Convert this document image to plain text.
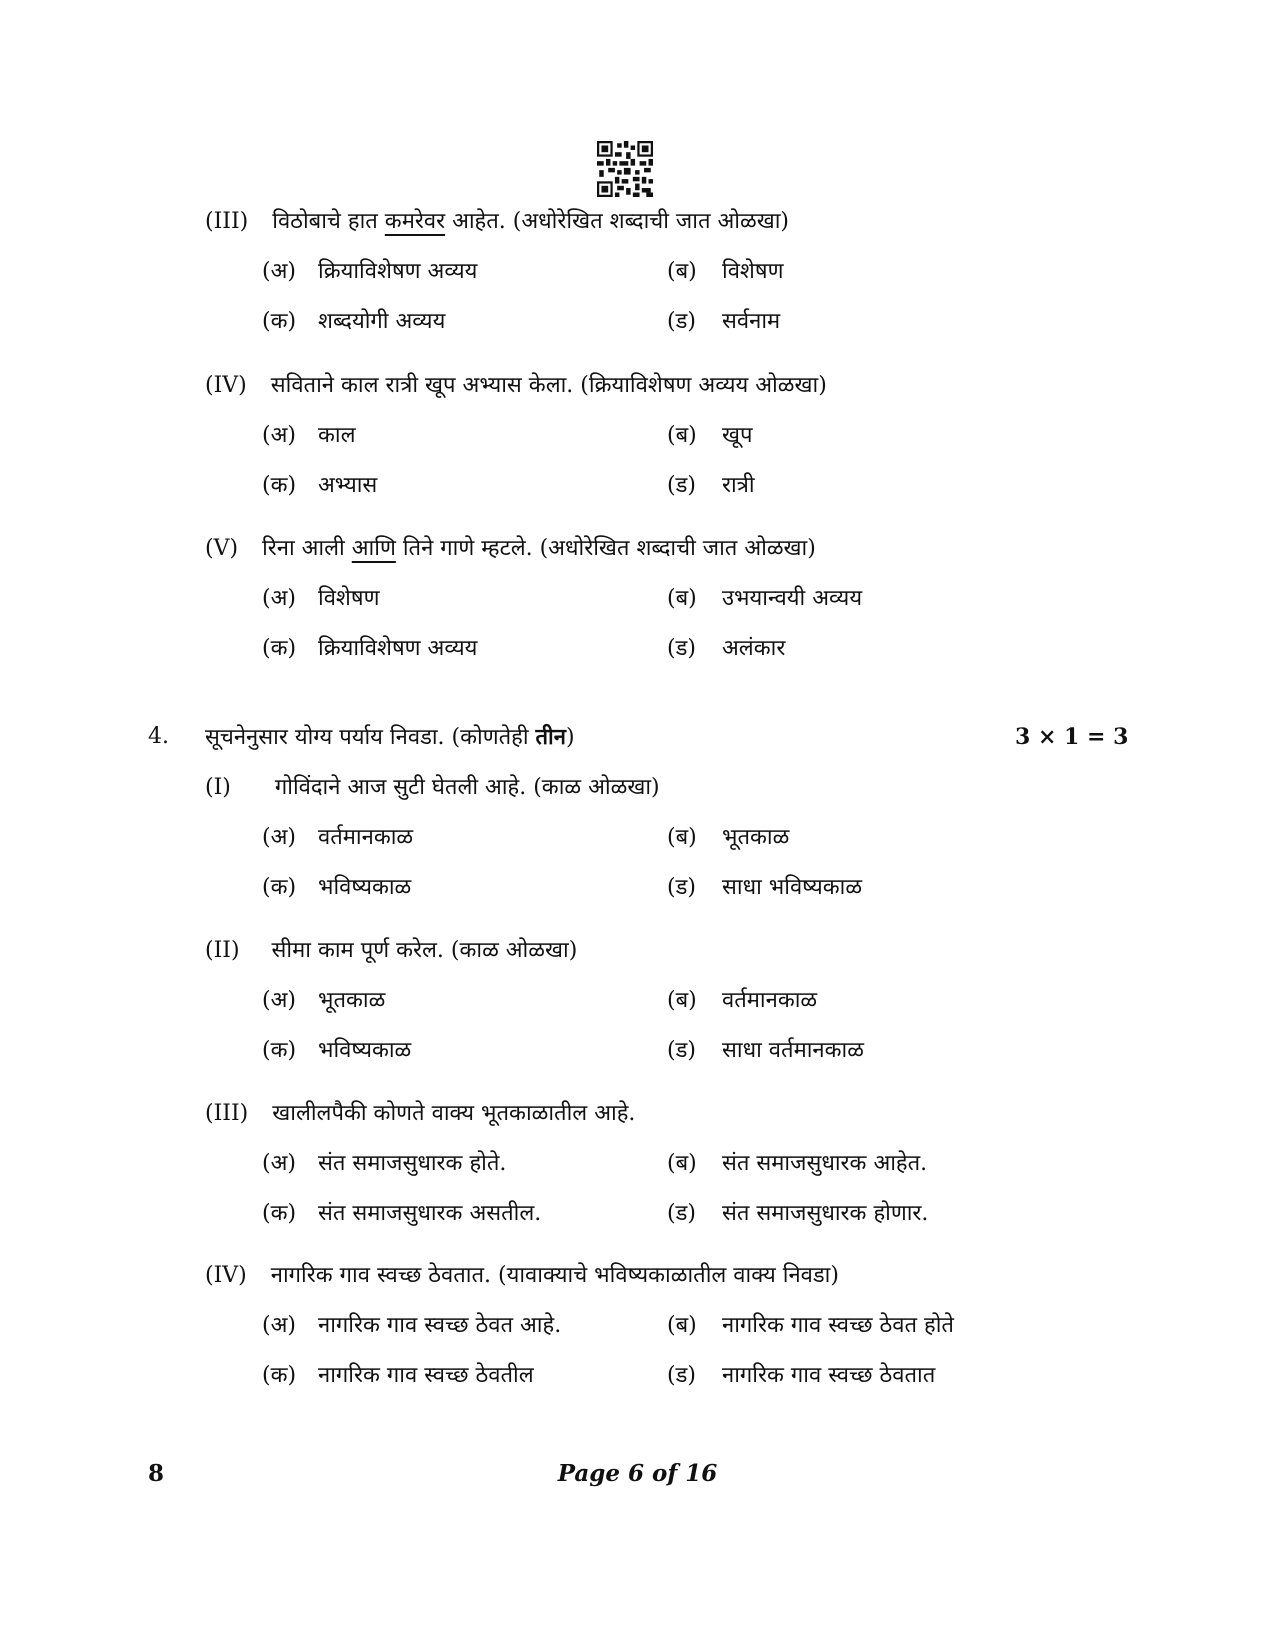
(III) विठोबाचे हात कमरेवर आहेत. (अधोरेखित शब्दाची जात ओळखा)
(अ) क्रियाविशेषण अव्यय	(ब) विशेषण
(क) शब्दयोगी अव्यय	(ड) सर्वनाम
(IV) सविताने काल रात्री खूप अभ्यास केला. (क्रियाविशेषण अव्यय ओळखा)
(अ) काल	(ब) खूप
(क) अभ्यास	(ड) रात्री
(V) रिना आली आणि तिने गाणे म्हटले. (अधोरेखित शब्दाची जात ओळखा)
(अ) विशेषण	(ब) उभयान्वयी अव्यय
(क) क्रियाविशेषण अव्यय	(ड) अलंकार
4. सूचनेनुसार योग्य पर्याय निवडा. (कोणतेही तीन)	3 × 1 = 3
(I) गोविंदाने आज सुटी घेतली आहे. (काळ ओळखा)
(अ) वर्तमानकाळ	(ब) भूतकाळ
(क) भविष्यकाळ	(ड) साधा भविष्यकाळ
(II) सीमा काम पूर्ण करेल. (काळ ओळखा)
(अ) भूतकाळ	(ब) वर्तमानकाळ
(क) भविष्यकाळ	(ड) साधा वर्तमानकाळ
(III) खालीलपैकी कोणते वाक्य भूतकाळातील आहे.
(अ) संत समाजसुधारक होते.	(ब) संत समाजसुधारक आहेत.
(क) संत समाजसुधारक असतील.	(ड) संत समाजसुधारक होणार.
(IV) नागरिक गाव स्वच्छ ठेवतात. (यावाक्याचे भविष्यकाळातील वाक्य निवडा)
(अ) नागरिक गाव स्वच्छ ठेवत आहे.	(ब) नागरिक गाव स्वच्छ ठेवत होते
(क) नागरिक गाव स्वच्छ ठेवतील	(ड) नागरिक गाव स्वच्छ ठेवतात
8	Page 6 of 16
